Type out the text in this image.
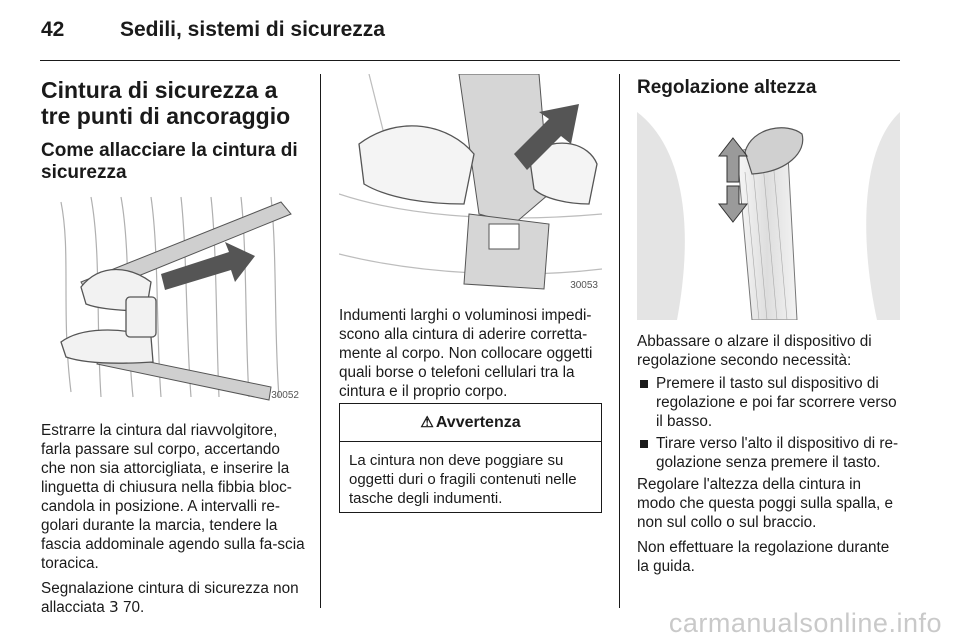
42	Sedili, sistemi di sicurezza
Cintura di sicurezza a tre punti di ancoraggio
Come allacciare la cintura di sicurezza
30052

Estrarre la cintura dal riavvolgitore, farla passare sul corpo, accertando che non sia attorcigliata, e inserire la linguetta di chiusura nella fibbia bloc-candola in posizione. A intervalli re-golari durante la marcia, tendere la fascia addominale agendo sulla fa-scia toracica.

Segnalazione cintura di sicurezza non allacciata 3 70.

30053

Indumenti larghi o voluminosi impedi-scono alla cintura di aderire corretta-mente al corpo. Non collocare oggetti quali borse o telefoni cellulari tra la cintura e il proprio corpo.

⚠ Avvertenza
La cintura non deve poggiare su oggetti duri o fragili contenuti nelle tasche degli indumenti.
Regolazione altezza

Abbassare o alzare il dispositivo di regolazione secondo necessità:

Premere il tasto sul dispositivo di regolazione e poi far scorrere verso il basso.
Tirare verso l'alto il dispositivo di re-golazione senza premere il tasto.

Regolare l'altezza della cintura in modo che questa poggi sulla spalla, e non sul collo o sul braccio.

Non effettuare la regolazione durante la guida.

carmanualsonline.info
